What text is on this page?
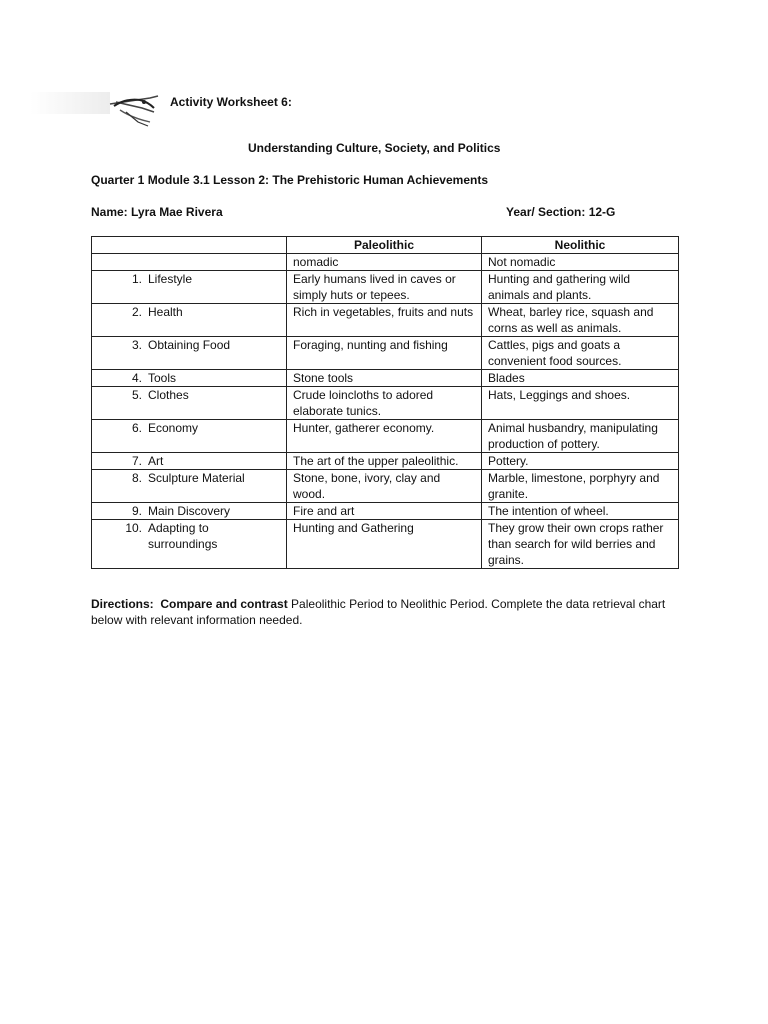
Activity Worksheet 6:
Understanding Culture, Society, and Politics
Quarter 1 Module 3.1 Lesson 2: The Prehistoric Human Achievements
Name: Lyra Mae Rivera	Year/ Section: 12-G
	Paleolithic	Neolithic
	nomadic	Not nomadic

1. Lifestyle	Early humans lived in caves or simply huts or tepees.	Hunting and gathering wild animals and plants.

2. Health	Rich in vegetables, fruits and nuts	Wheat, barley rice, squash and corns as well as animals.

3. Obtaining Food	Foraging, nunting and fishing	Cattles, pigs and goats a convenient food sources.

4. Tools	Stone tools	Blades

5. Clothes	Crude loincloths to adored elaborate tunics.	Hats, Leggings and shoes.

6. Economy	Hunter, gatherer economy.	Animal husbandry, manipulating production of pottery.

7. Art	The art of the upper paleolithic.	Pottery.

8. Sculpture Material	Stone, bone, ivory, clay and wood.	Marble, limestone, porphyry and granite.

9. Main Discovery	Fire and art	The intention of wheel.

10. Adapting to surroundings	Hunting and Gathering	They grow their own crops rather than search for wild berries and grains.
Directions: Compare and contrast Paleolithic Period to Neolithic Period. Complete the data retrieval chart below with relevant information needed.
